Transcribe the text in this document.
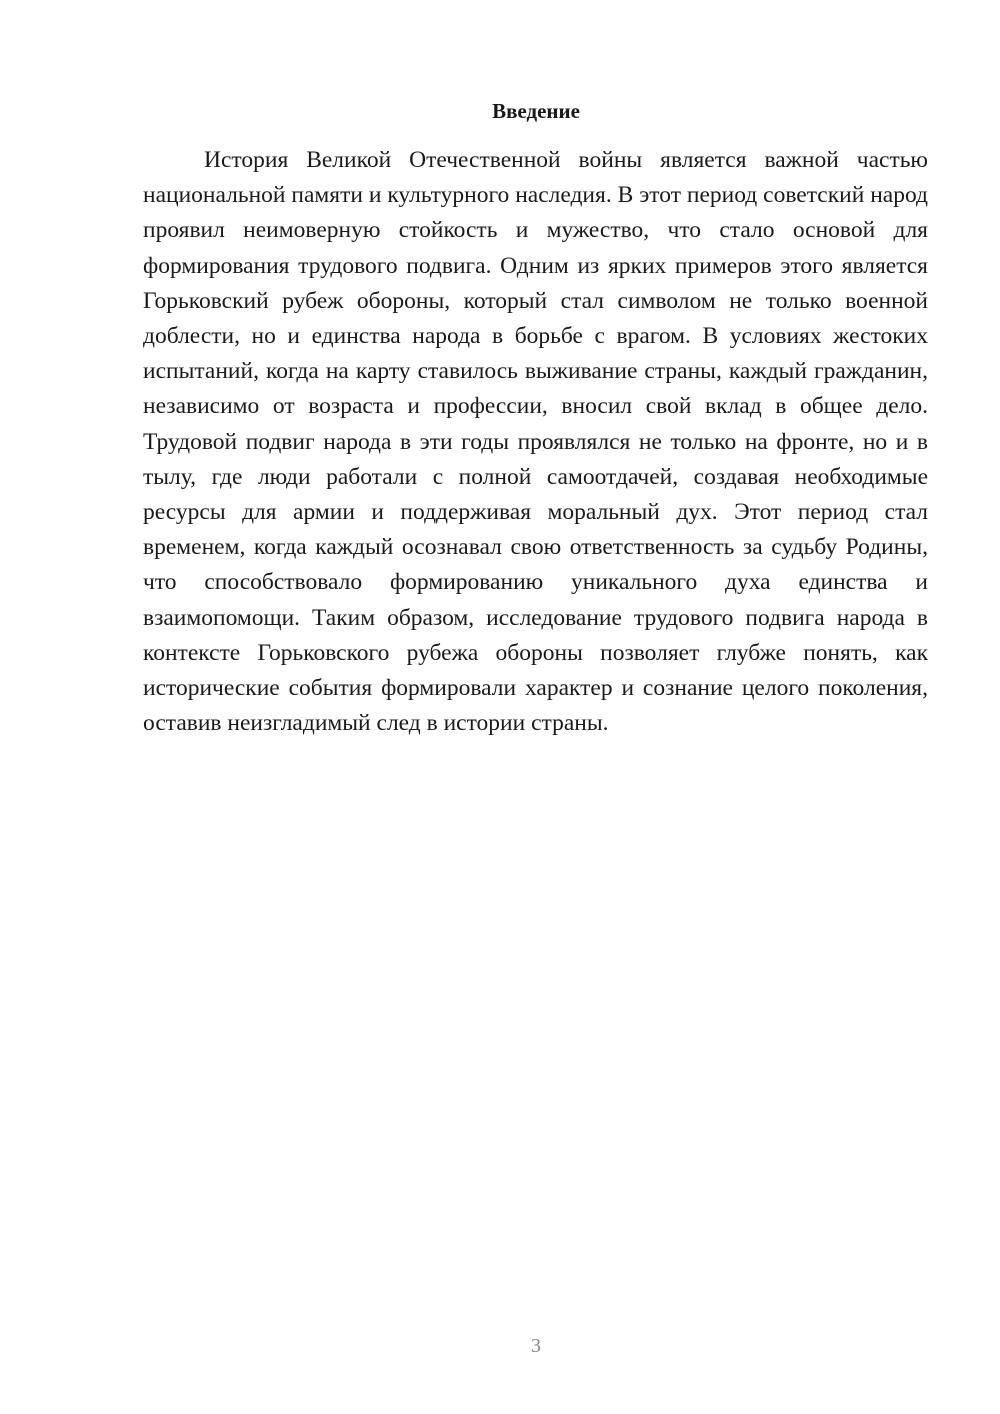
Введение

История Великой Отечественной войны является важной частью национальной памяти и культурного наследия. В этот период советский народ проявил неимоверную стойкость и мужество, что стало основой для формирования трудового подвига. Одним из ярких примеров этого является Горьковский рубеж обороны, который стал символом не только военной доблести, но и единства народа в борьбе с врагом. В условиях жестоких испытаний, когда на карту ставилось выживание страны, каждый гражданин, независимо от возраста и профессии, вносил свой вклад в общее дело. Трудовой подвиг народа в эти годы проявлялся не только на фронте, но и в тылу, где люди работали с полной самоотдачей, создавая необходимые ресурсы для армии и поддерживая моральный дух. Этот период стал временем, когда каждый осознавал свою ответственность за судьбу Родины, что способствовало формированию уникального духа единства и взаимопомощи. Таким образом, исследование трудового подвига народа в контексте Горьковского рубежа обороны позволяет глубже понять, как исторические события формировали характер и сознание целого поколения, оставив неизгладимый след в истории страны.

3
